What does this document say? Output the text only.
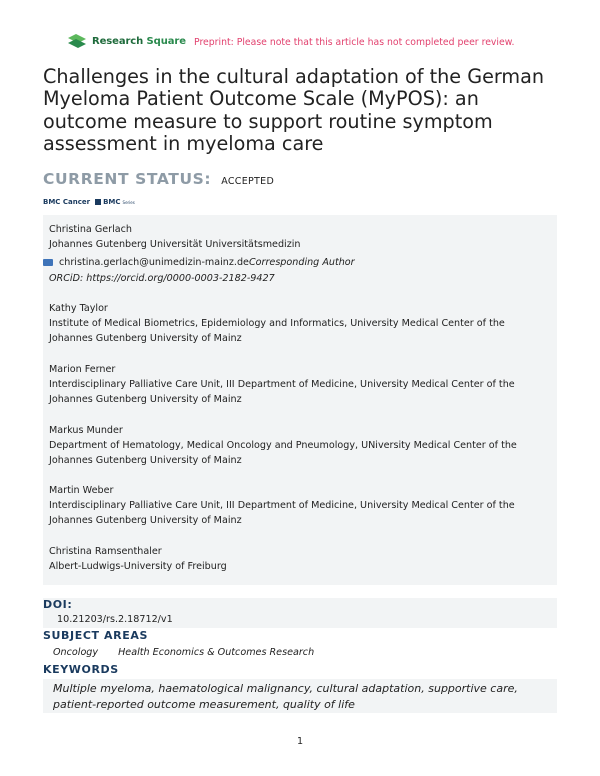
Research Square Preprint: Please note that this article has not completed peer review.
Challenges in the cultural adaptation of the German Myeloma Patient Outcome Scale (MyPOS): an outcome measure to support routine symptom assessment in myeloma care
CURRENT STATUS: ACCEPTED
BMC Cancer BMC Series
Christina Gerlach
Johannes Gutenberg Universität Universitätsmedizin
christina.gerlach@unimedizin-mainz.de Corresponding Author
ORCiD: https://orcid.org/0000-0003-2182-9427
Kathy Taylor
Institute of Medical Biometrics, Epidemiology and Informatics, University Medical Center of the Johannes Gutenberg University of Mainz
Marion Ferner
Interdisciplinary Palliative Care Unit, III Department of Medicine, University Medical Center of the Johannes Gutenberg University of Mainz
Markus Munder
Department of Hematology, Medical Oncology and Pneumology, UNiversity Medical Center of the Johannes Gutenberg University of Mainz
Martin Weber
Interdisciplinary Palliative Care Unit, III Department of Medicine, University Medical Center of the Johannes Gutenberg University of Mainz
Christina Ramsenthaler
Albert-Ludwigs-University of Freiburg
DOI:
10.21203/rs.2.18712/v1
SUBJECT AREAS
Oncology Health Economics & Outcomes Research
KEYWORDS
Multiple myeloma, haematological malignancy, cultural adaptation, supportive care, patient-reported outcome measurement, quality of life
1
